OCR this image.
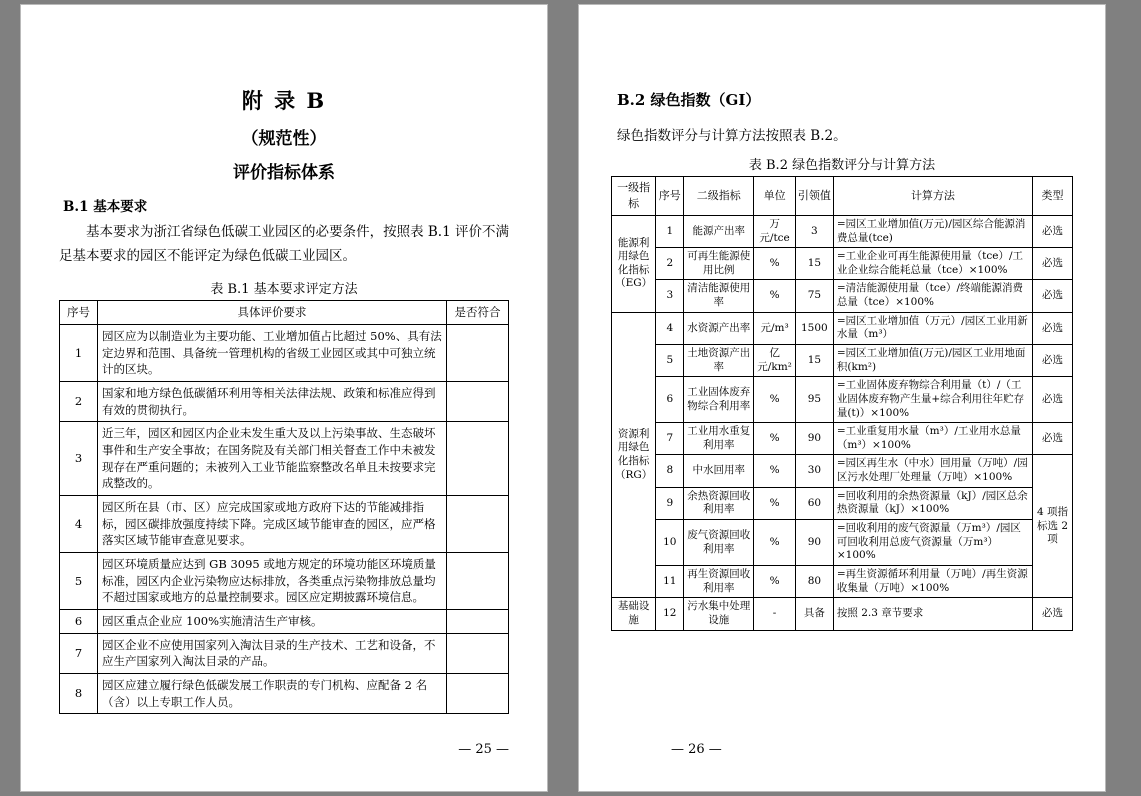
附 录 B
（规范性）
评价指标体系
B.1 基本要求
基本要求为浙江省绿色低碳工业园区的必要条件，按照表 B.1 评价不满足基本要求的园区不能评定为绿色低碳工业园区。
表 B.1 基本要求评定方法
序号	具体评价要求	是否符合
1	园区应为以制造业为主要功能、工业增加值占比超过 50%、具有法定边界和范围、具备统一管理机构的省级工业园区或其中可独立统计的区块。	
2	国家和地方绿色低碳循环利用等相关法律法规、政策和标准应得到有效的贯彻执行。	
3	近三年，园区和园区内企业未发生重大及以上污染事故、生态破坏事件和生产安全事故；在国务院及有关部门相关督查工作中未被发现存在严重问题的；未被列入工业节能监察整改名单且未按要求完成整改的。	
4	园区所在县（市、区）应完成国家或地方政府下达的节能减排指标，园区碳排放强度持续下降。完成区域节能审查的园区，应严格落实区域节能审查意见要求。	
5	园区环境质量应达到 GB 3095 或地方规定的环境功能区环境质量标准，园区内企业污染物应达标排放，各类重点污染物排放总量均不超过国家或地方的总量控制要求。园区应定期披露环境信息。	
6	园区重点企业应 100%实施清洁生产审核。	
7	园区企业不应使用国家列入淘汰目录的生产技术、工艺和设备，不应生产国家列入淘汰目录的产品。	
8	园区应建立履行绿色低碳发展工作职责的专门机构、应配备 2 名（含）以上专职工作人员。	
— 25 —
B.2 绿色指数（GI）
绿色指数评分与计算方法按照表 B.2。
表 B.2 绿色指数评分与计算方法
一级指标	序号	二级指标	单位	引领值	计算方法	类型
能源利用绿色化指标（EG）	1	能源产出率	万元/tce	3	=园区工业增加值(万元)/园区综合能源消费总量(tce)	必选
	2	可再生能源使用比例	%	15	=工业企业可再生能源使用量（tce）/工业企业综合能耗总量（tce）×100%	必选
	3	清洁能源使用率	%	75	=清洁能源使用量（tce）/终端能源消费总量（tce）×100%	必选
资源利用绿色化指标（RG）	4	水资源产出率	元/m³	1500	=园区工业增加值（万元）/园区工业用新水量（m³）	必选
	5	土地资源产出率	亿元/km²	15	=园区工业增加值(万元)/园区工业用地面积(km²)	必选
	6	工业固体废弃物综合利用率	%	95	=工业固体废弃物综合利用量（t）/（工业固体废弃物产生量+综合利用往年贮存量(t)）×100%	必选
	7	工业用水重复利用率	%	90	=工业重复用水量（m³）/工业用水总量（m³）×100%	必选
	8	中水回用率	%	30	=园区再生水（中水）回用量（万吨）/园区污水处理厂处理量（万吨）×100%	4 项指标选 2 项
	9	余热资源回收利用率	%	60	=回收利用的余热资源量（kJ）/园区总余热资源量（kJ）×100%	
	10	废气资源回收利用率	%	90	=回收利用的废气资源量（万m³）/园区可回收利用总废气资源量（万m³）×100%	
	11	再生资源回收利用率	%	80	=再生资源循环利用量（万吨）/再生资源收集量（万吨）×100%	
基础设施	12	污水集中处理设施	-	具备	按照 2.3 章节要求	必选
— 26 —
